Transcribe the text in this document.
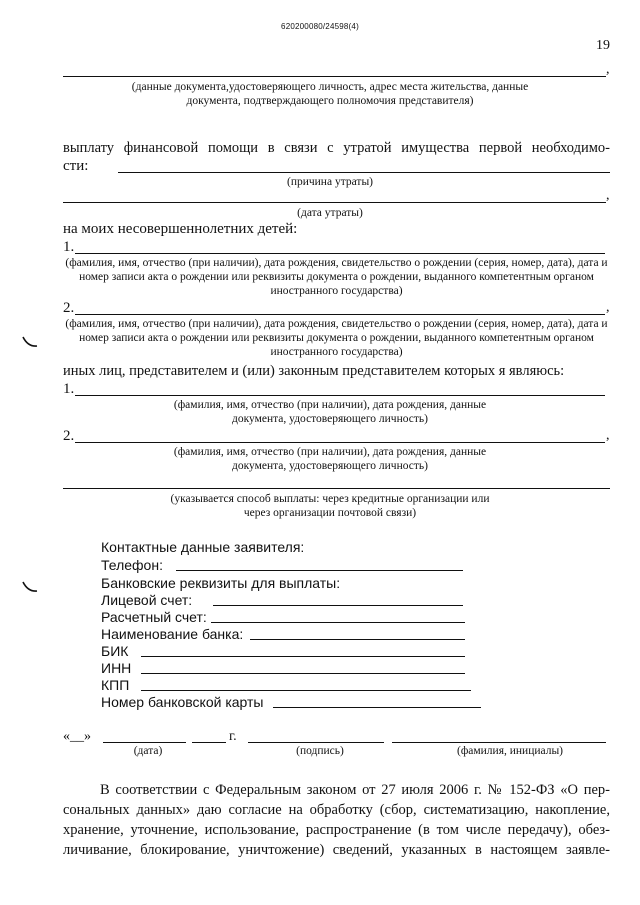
620200080/24598(4)
19
,
(данные документа,удостоверяющего личность, адрес места жительства, данные документа, подтверждающего полномочия представителя)
выплату финансовой помощи в связи с утратой имущества первой необходимо-
сти:
(причина утраты)
,
(дата утраты)
на моих несовершеннолетних детей:
1.
(фамилия, имя, отчество (при наличии), дата рождения, свидетельство о рождении (серия, номер, дата), дата и номер записи акта о рождении или реквизиты документа о рождении, выданного компетентным органом иностранного государства)
2.	,
(фамилия, имя, отчество (при наличии), дата рождения, свидетельство о рождении (серия, номер, дата), дата и номер записи акта о рождении или реквизиты документа о рождении, выданного компетентным органом иностранного государства)
иных лиц, представителем и (или) законным представителем которых я являюсь:
1.
(фамилия, имя, отчество (при наличии), дата рождения, данные документа, удостоверяющего личность)
2.	,
(фамилия, имя, отчество (при наличии), дата рождения, данные документа, удостоверяющего личность)
(указывается способ выплаты: через кредитные организации или через организации почтовой связи)
Контактные данные заявителя:
Телефон:
Банковские реквизиты для выплаты:
Лицевой счет:
Расчетный счет:
Наименование банка:
БИК
ИНН
КПП
Номер банковской карты
«__»	г.
(дата)	(подпись)	(фамилия, инициалы)
В соответствии с Федеральным законом от 27 июля 2006 г. № 152-ФЗ «О пер-
сональных данных» даю согласие на обработку (сбор, систематизацию, накопление,
хранение, уточнение, использование, распространение (в том числе передачу), обез-
личивание, блокирование, уничтожение) сведений, указанных в настоящем заявле-
